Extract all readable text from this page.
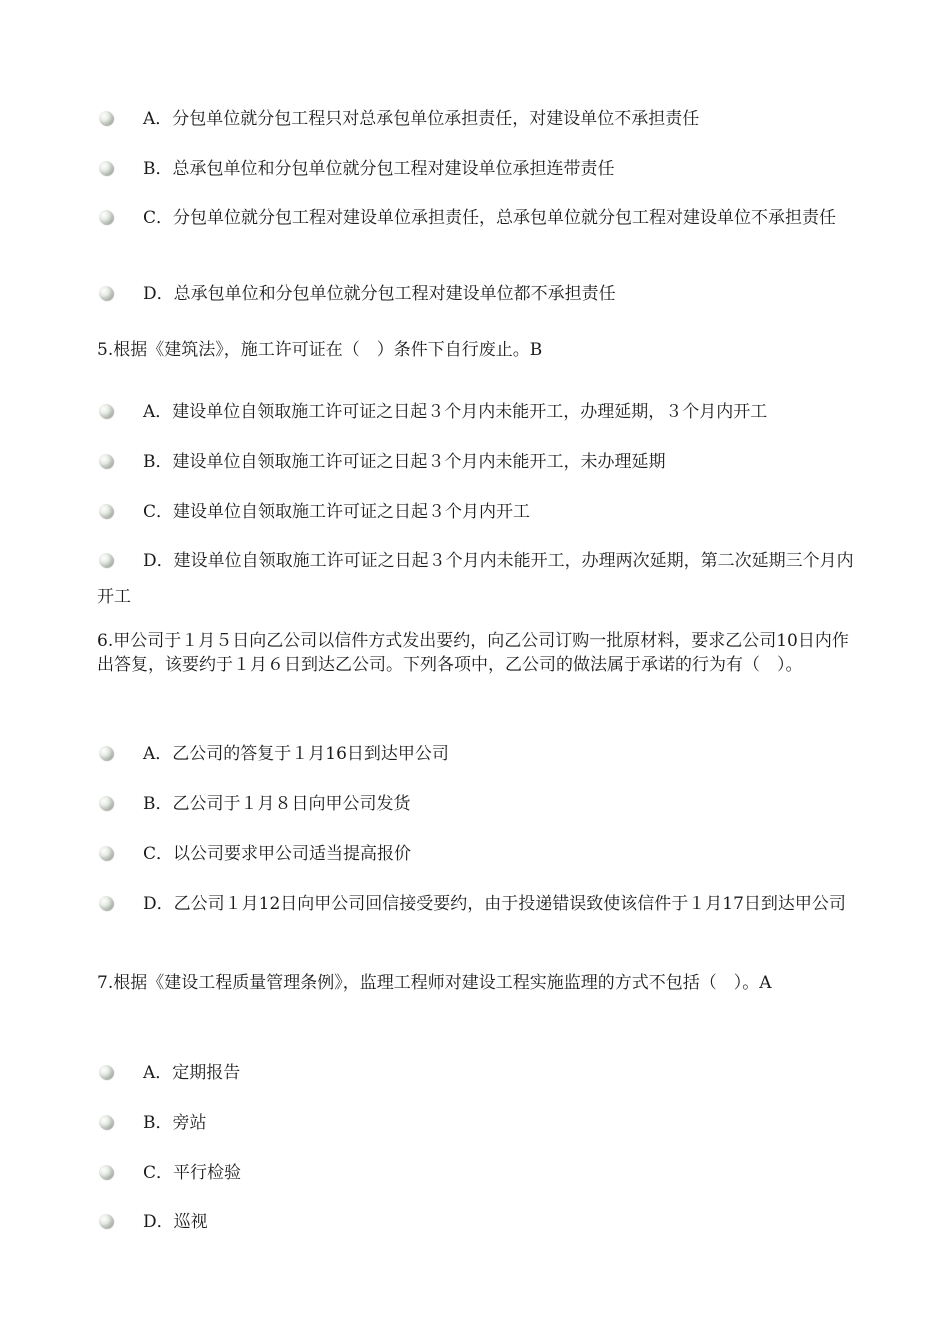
A．分包单位就分包工程只对总承包单位承担责任，对建设单位不承担责任
B．总承包单位和分包单位就分包工程对建设单位承担连带责任
C．分包单位就分包工程对建设单位承担责任，总承包单位就分包工程对建设单位不承担责任
D．总承包单位和分包单位就分包工程对建设单位都不承担责任
5.根据《建筑法》，施工许可证在（　）条件下自行废止。B
A．建设单位自领取施工许可证之日起３个月内未能开工，办理延期，３个月内开工
B．建设单位自领取施工许可证之日起３个月内未能开工，未办理延期
C．建设单位自领取施工许可证之日起３个月内开工
D．建设单位自领取施工许可证之日起３个月内未能开工，办理两次延期，第二次延期三个月内开工
6.甲公司于１月５日向乙公司以信件方式发出要约，向乙公司订购一批原材料，要求乙公司10日内作出答复，该要约于１月６日到达乙公司。下列各项中，乙公司的做法属于承诺的行为有（　）。
A．乙公司的答复于１月16日到达甲公司
B．乙公司于１月８日向甲公司发货
C．以公司要求甲公司适当提高报价
D．乙公司１月12日向甲公司回信接受要约，由于投递错误致使该信件于１月17日到达甲公司
7.根据《建设工程质量管理条例》，监理工程师对建设工程实施监理的方式不包括（　）。A
A．定期报告
B．旁站
C．平行检验
D．巡视
